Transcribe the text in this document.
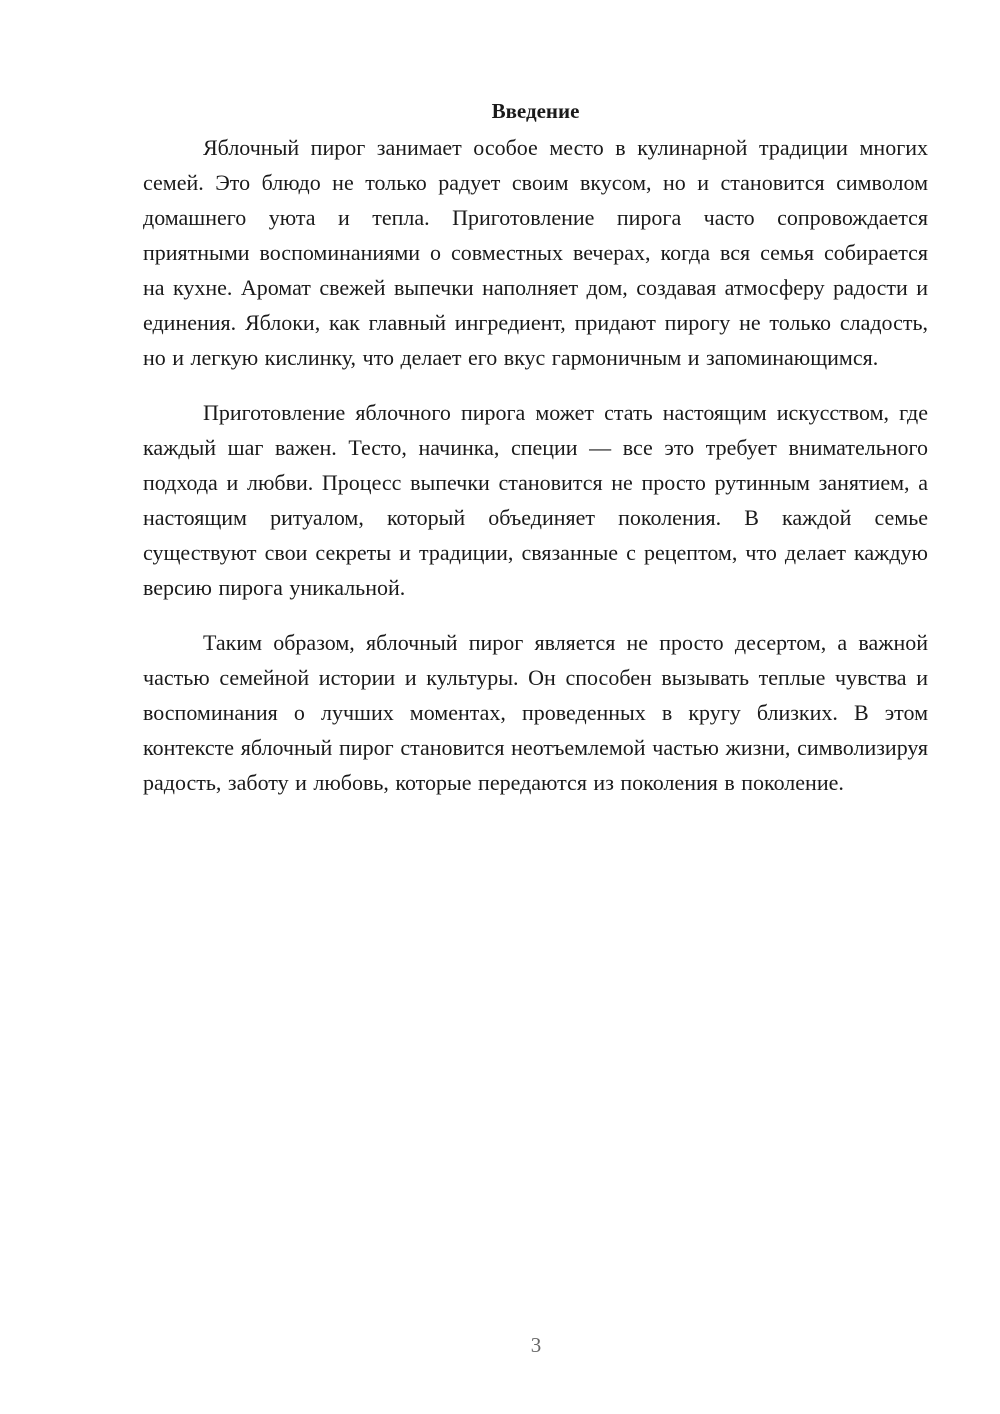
Введение

Яблочный пирог занимает особое место в кулинарной традиции многих семей. Это блюдо не только радует своим вкусом, но и становится символом домашнего уюта и тепла. Приготовление пирога часто сопровождается приятными воспоминаниями о совместных вечерах, когда вся семья собирается на кухне. Аромат свежей выпечки наполняет дом, создавая атмосферу радости и единения. Яблоки, как главный ингредиент, придают пирогу не только сладость, но и легкую кислинку, что делает его вкус гармоничным и запоминающимся.

Приготовление яблочного пирога может стать настоящим искусством, где каждый шаг важен. Тесто, начинка, специи — все это требует внимательного подхода и любви. Процесс выпечки становится не просто рутинным занятием, а настоящим ритуалом, который объединяет поколения. В каждой семье существуют свои секреты и традиции, связанные с рецептом, что делает каждую версию пирога уникальной.

Таким образом, яблочный пирог является не просто десертом, а важной частью семейной истории и культуры. Он способен вызывать теплые чувства и воспоминания о лучших моментах, проведенных в кругу близких. В этом контексте яблочный пирог становится неотъемлемой частью жизни, символизируя радость, заботу и любовь, которые передаются из поколения в поколение.

3
